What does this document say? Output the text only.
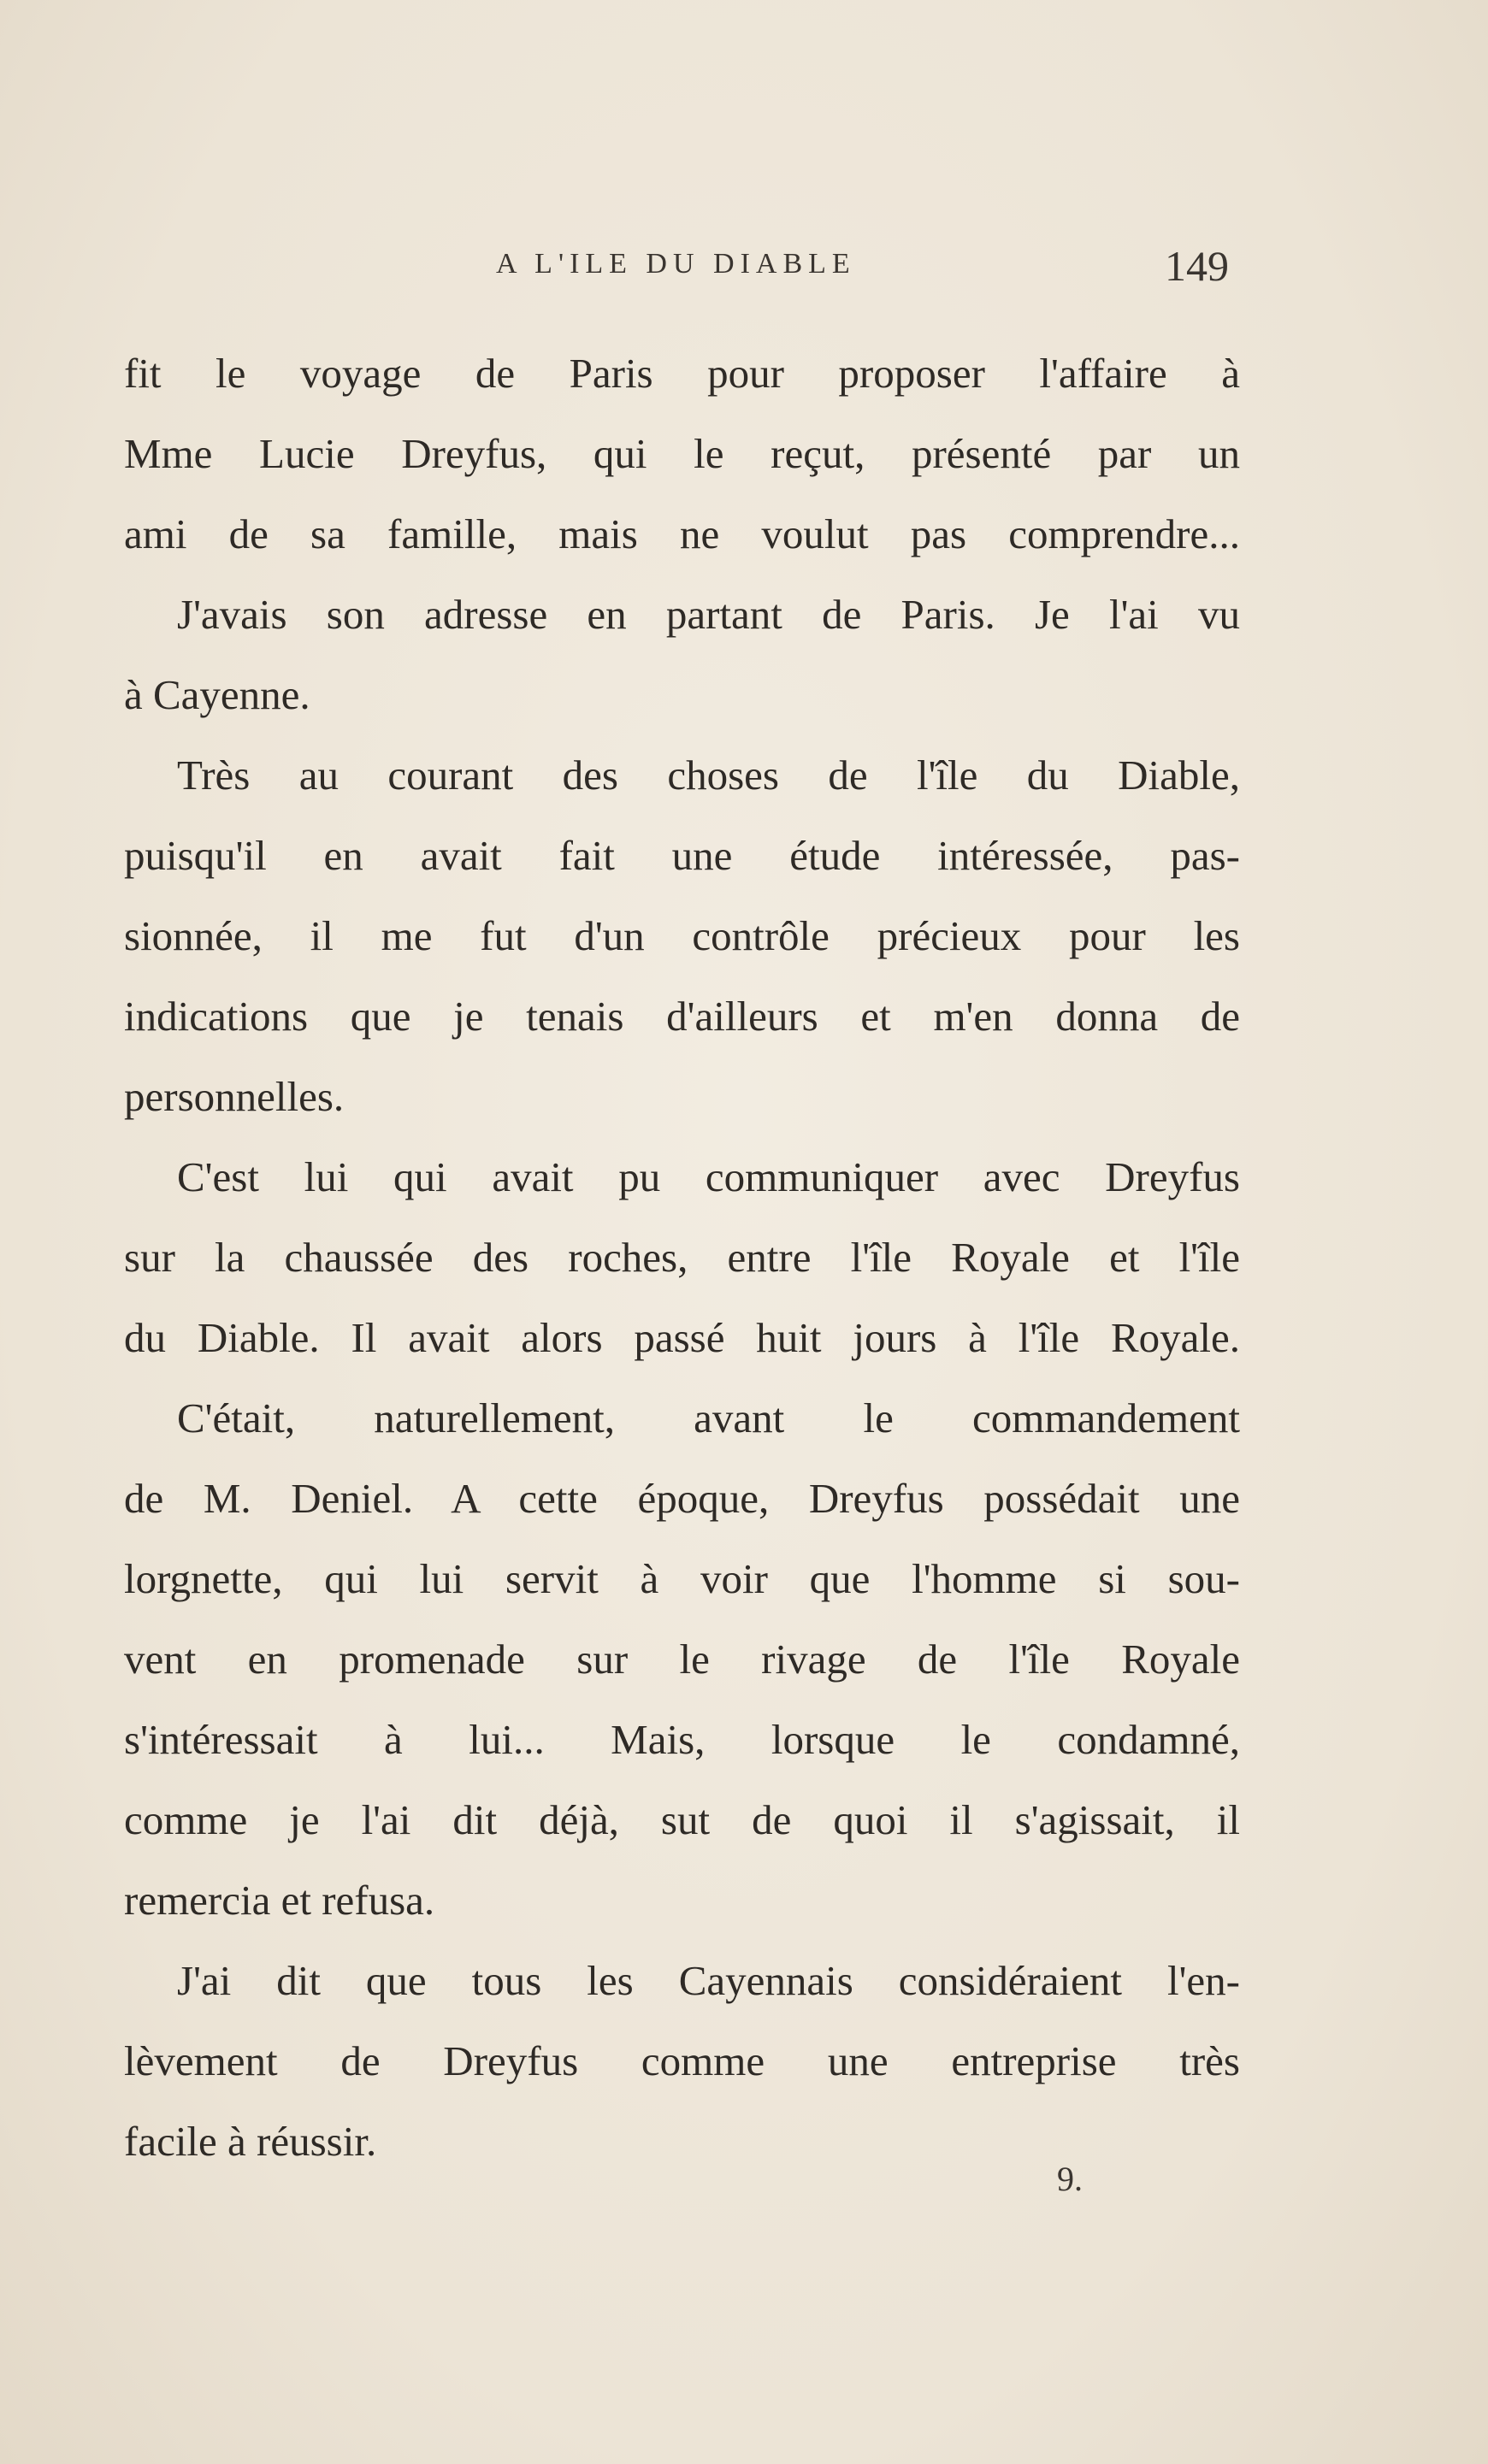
A L'ILE DU DIABLE	149
fit le voyage de Paris pour proposer l'affaire à
Mme Lucie Dreyfus, qui le reçut, présenté par un
ami de sa famille, mais ne voulut pas comprendre...
J'avais son adresse en partant de Paris. Je l'ai vu
à Cayenne.
Très au courant des choses de l'île du Diable,
puisqu'il en avait fait une étude intéressée, pas-
sionnée, il me fut d'un contrôle précieux pour les
indications que je tenais d'ailleurs et m'en donna de
personnelles.
C'est lui qui avait pu communiquer avec Dreyfus
sur la chaussée des roches, entre l'île Royale et l'île
du Diable. Il avait alors passé huit jours à l'île Royale.
C'était, naturellement, avant le commandement
de M. Deniel. A cette époque, Dreyfus possédait une
lorgnette, qui lui servit à voir que l'homme si sou-
vent en promenade sur le rivage de l'île Royale
s'intéressait à lui... Mais, lorsque le condamné,
comme je l'ai dit déjà, sut de quoi il s'agissait, il
remercia et refusa.
J'ai dit que tous les Cayennais considéraient l'en-
lèvement de Dreyfus comme une entreprise très
facile à réussir.
9.
